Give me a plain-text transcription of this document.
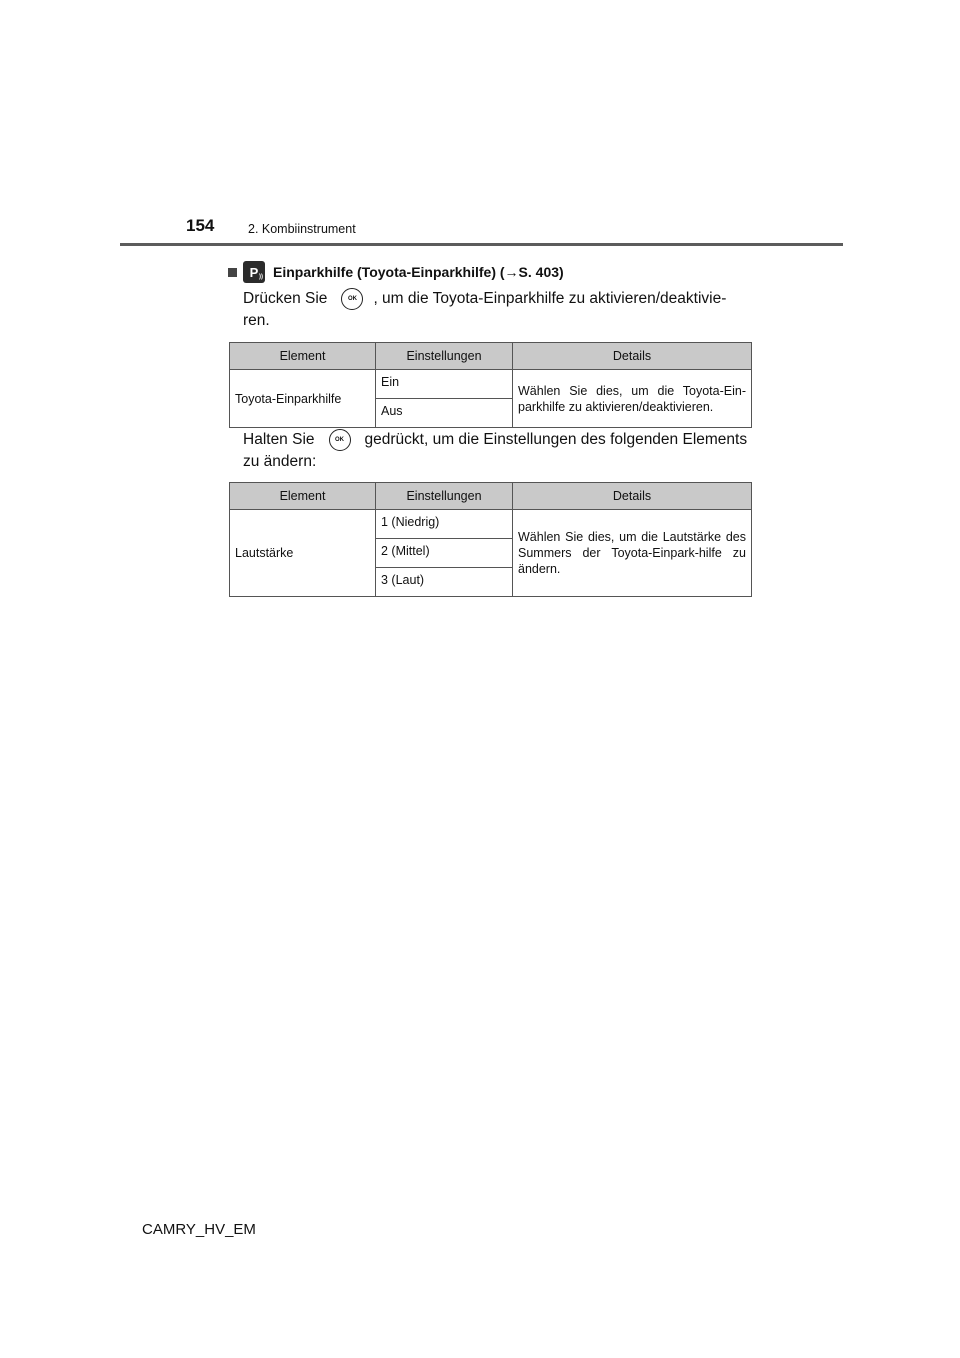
154	2. Kombiinstrument
P )) Einparkhilfe (Toyota-Einparkhilfe) (→S. 403)
Drücken Sie	OK , um die Toyota-Einparkhilfe zu aktivieren/deaktivie-ren.
Element	Einstellungen	Details
Toyota-Einparkhilfe	Ein	Wählen Sie dies, um die Toyota-Ein-parkhilfe zu aktivieren/deaktivieren.
	Aus	
Halten Sie	OK gedrückt, um die Einstellungen des folgenden Elements zu ändern:
Element	Einstellungen	Details
Lautstärke	1 (Niedrig)	Wählen Sie dies, um die Lautstärke des Summers der Toyota-Einpark-hilfe zu ändern.
	2 (Mittel)	
	3 (Laut)	
CAMRY_HV_EM
